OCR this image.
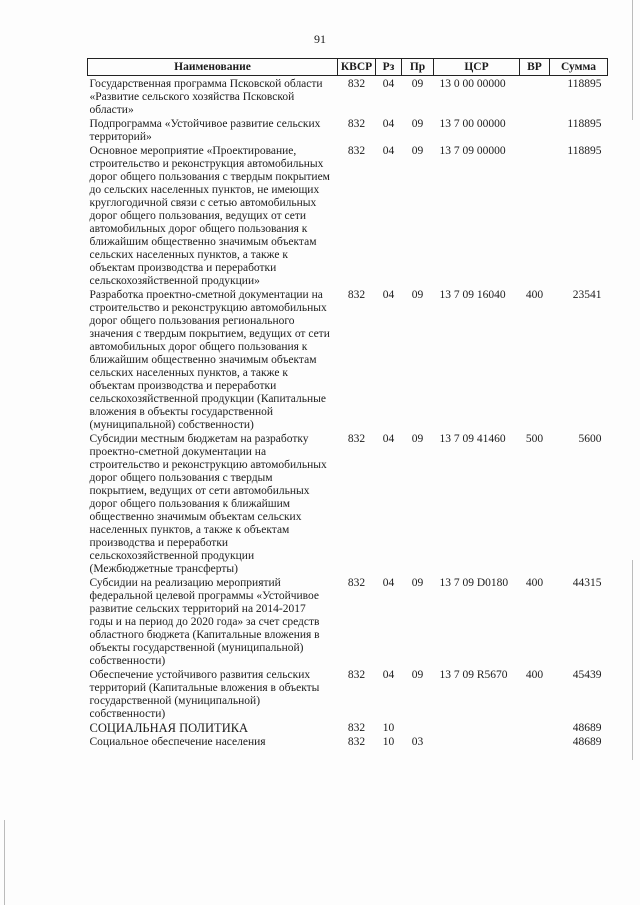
91
Наименование	КВСР	Рз	Пр	ЦСР	ВР	Сумма
Государственная программа Псковской области «Развитие сельского хозяйства Псковской области»	832	04	09	13 0 00 00000		118895
Подпрограмма «Устойчивое развитие сельских территорий»	832	04	09	13 7 00 00000		118895
Основное мероприятие «Проектирование, строительство и реконструкция автомобильных дорог общего пользования с твердым покрытием до сельских населенных пунктов, не имеющих круглогодичной связи с сетью автомобильных дорог общего пользования, ведущих от сети автомобильных дорог общего пользования к ближайшим общественно значимым объектам сельских населенных пунктов, а также к объектам производства и переработки сельскохозяйственной продукции»	832	04	09	13 7 09 00000		118895
Разработка проектно-сметной документации на строительство и реконструкцию автомобильных дорог общего пользования регионального значения с твердым покрытием, ведущих от сети автомобильных дорог общего пользования к ближайшим общественно значимым объектам сельских населенных пунктов, а также к объектам производства и переработки сельскохозяйственной продукции (Капитальные вложения в объекты государственной (муниципальной) собственности)	832	04	09	13 7 09 16040	400	23541
Субсидии местным бюджетам на разработку проектно-сметной документации на строительство и реконструкцию автомобильных дорог общего пользования с твердым покрытием, ведущих от сети автомобильных дорог общего пользования к ближайшим общественно значимым объектам сельских населенных пунктов, а также к объектам производства и переработки сельскохозяйственной продукции (Межбюджетные трансферты)	832	04	09	13 7 09 41460	500	5600
Субсидии на реализацию мероприятий федеральной целевой программы «Устойчивое развитие сельских территорий на 2014-2017 годы и на период до 2020 года» за счет средств областного бюджета (Капитальные вложения в объекты государственной (муниципальной) собственности)	832	04	09	13 7 09 D0180	400	44315
Обеспечение устойчивого развития сельских территорий (Капитальные вложения в объекты государственной (муниципальной) собственности)	832	04	09	13 7 09 R5670	400	45439
СОЦИАЛЬНАЯ ПОЛИТИКА	832	10				48689
Социальное обеспечение населения	832	10	03			48689
